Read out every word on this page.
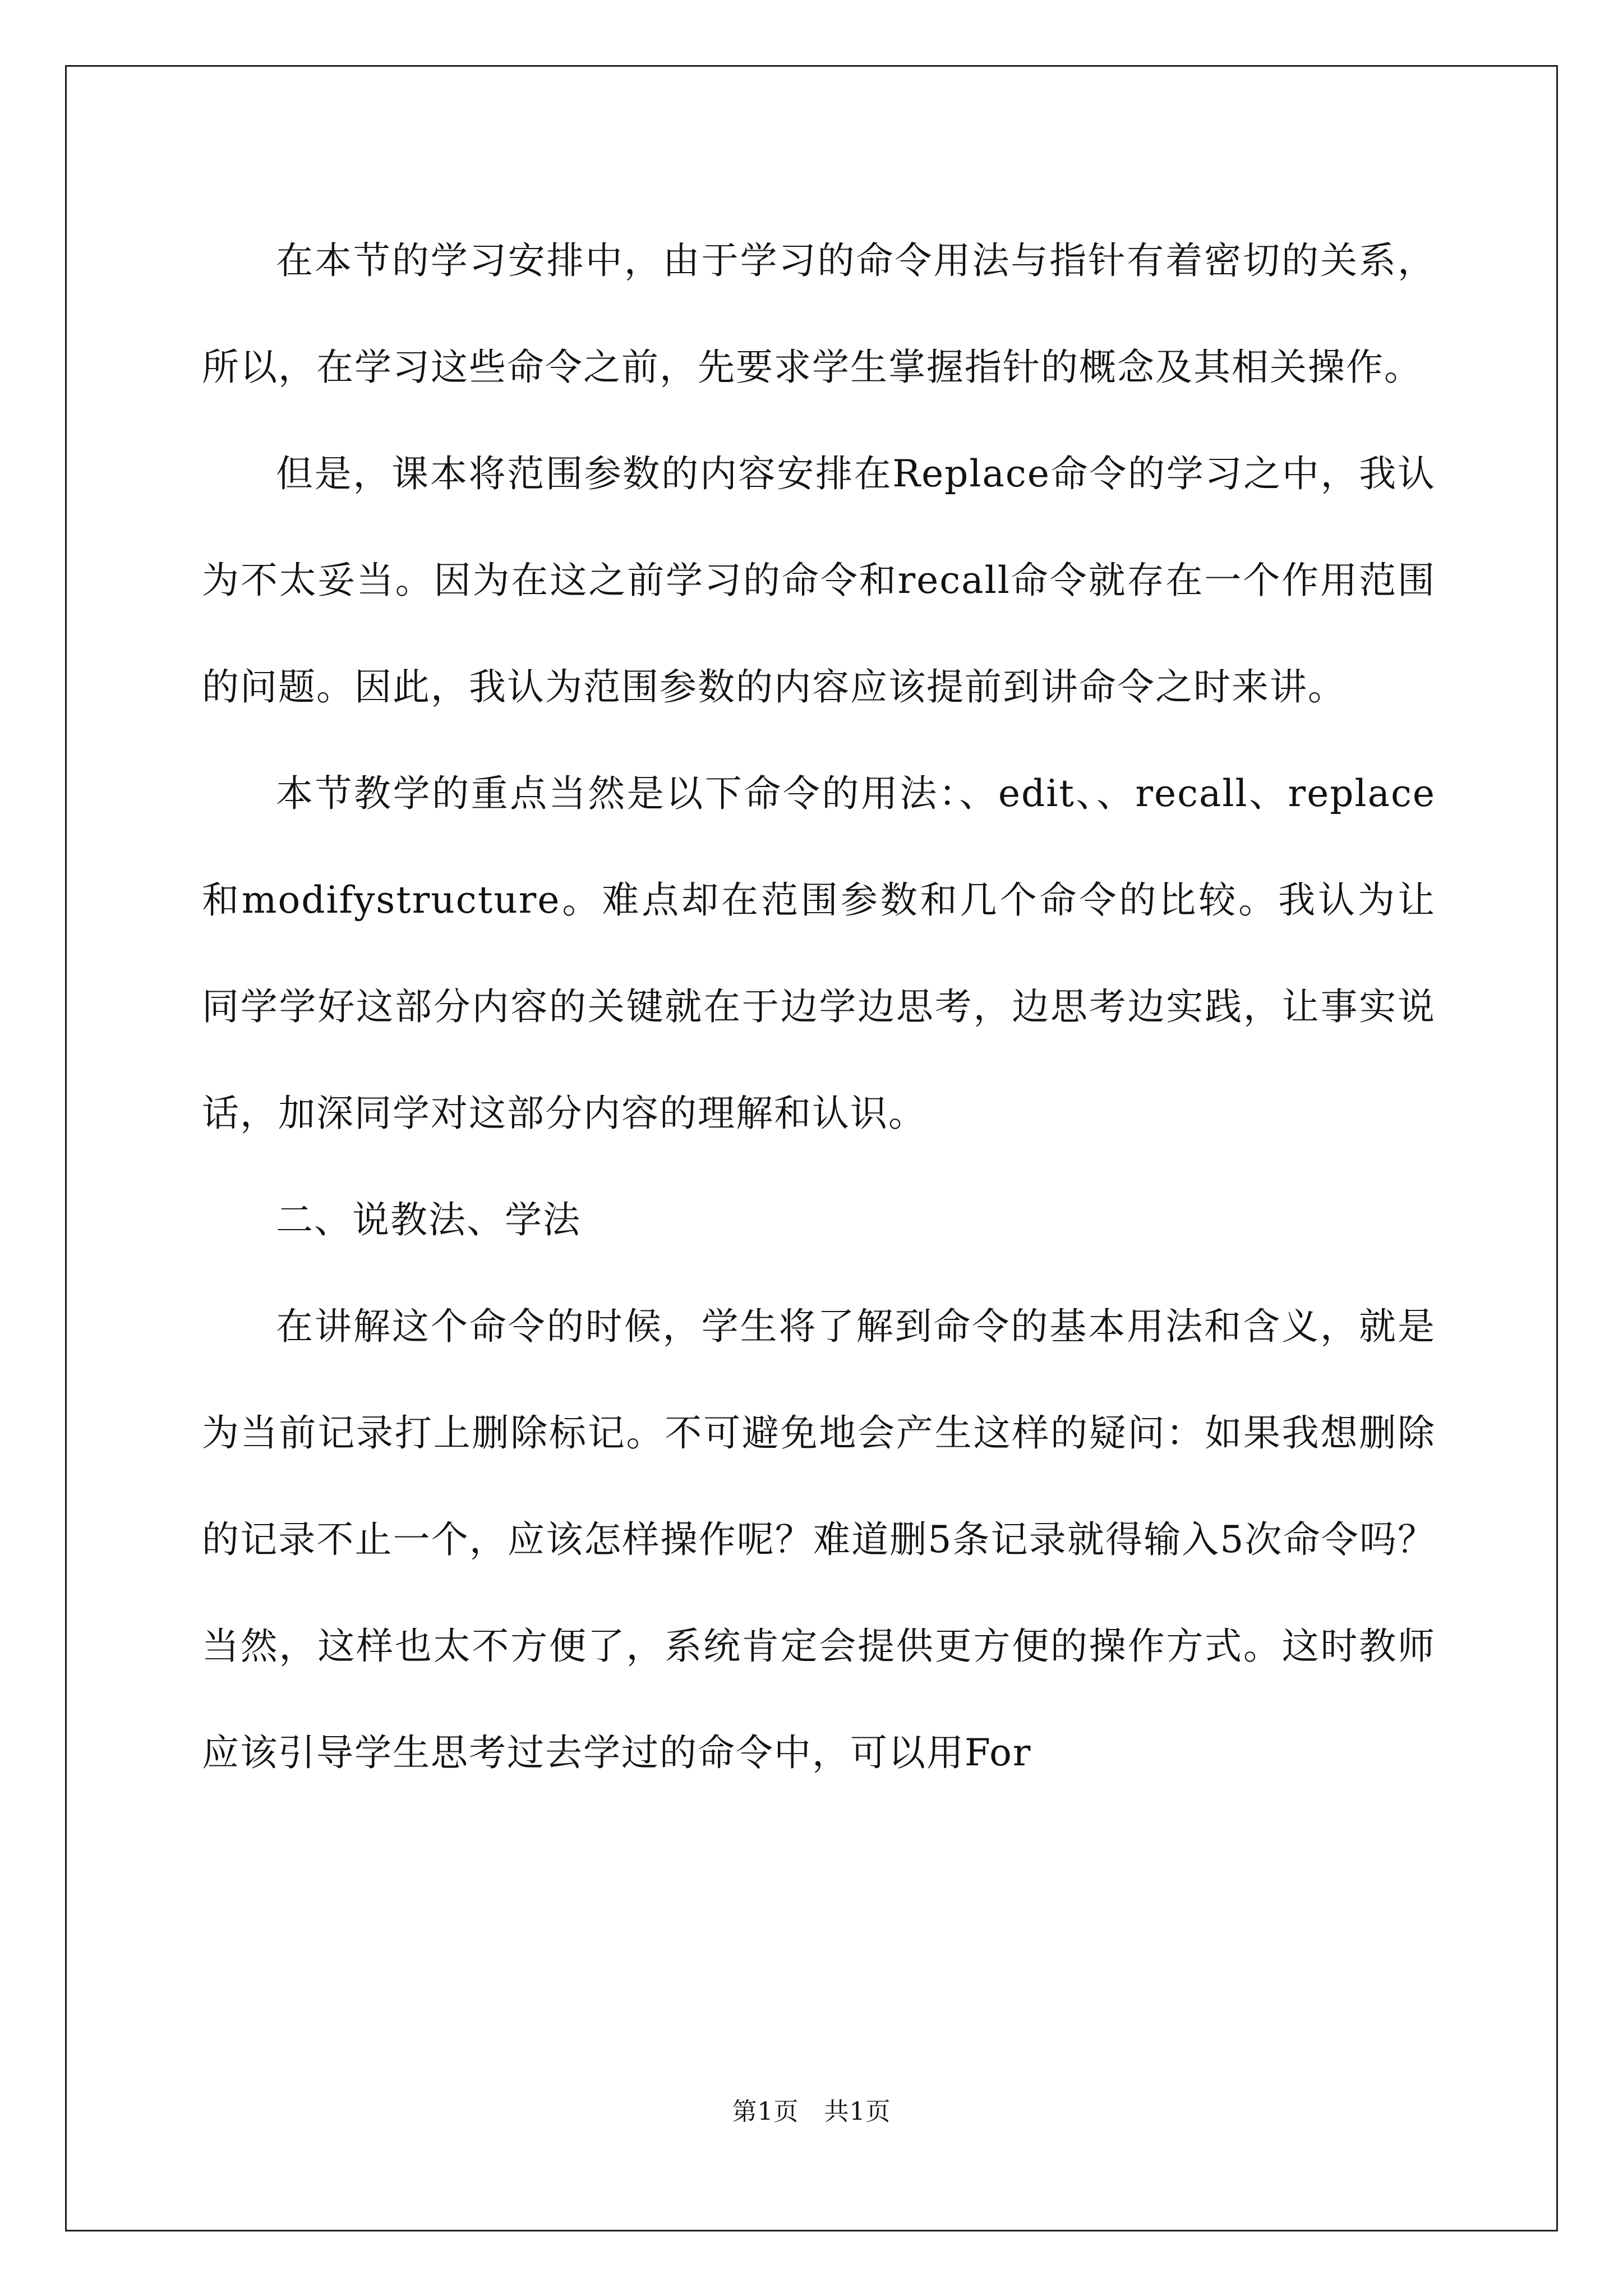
在本节的学习安排中，由于学习的命令用法与指针有着密切的关系，所以，在学习这些命令之前，先要求学生掌握指针的概念及其相关操作。

但是，课本将范围参数的内容安排在Replace命令的学习之中，我认为不太妥当。因为在这之前学习的命令和recall命令就存在一个作用范围的问题。因此，我认为范围参数的内容应该提前到讲命令之时来讲。

本节教学的重点当然是以下命令的用法：、edit、、recall、replace和modifystructure。难点却在范围参数和几个命令的比较。我认为让同学学好这部分内容的关键就在于边学边思考，边思考边实践，让事实说话，加深同学对这部分内容的理解和认识。

二、说教法、学法

在讲解这个命令的时候，学生将了解到命令的基本用法和含义，就是为当前记录打上删除标记。不可避免地会产生这样的疑问：如果我想删除的记录不止一个，应该怎样操作呢？难道删5条记录就得输入5次命令吗？当然，这样也太不方便了，系统肯定会提供更方便的操作方式。这时教师应该引导学生思考过去学过的命令中，可以用For

第1页　共1页
